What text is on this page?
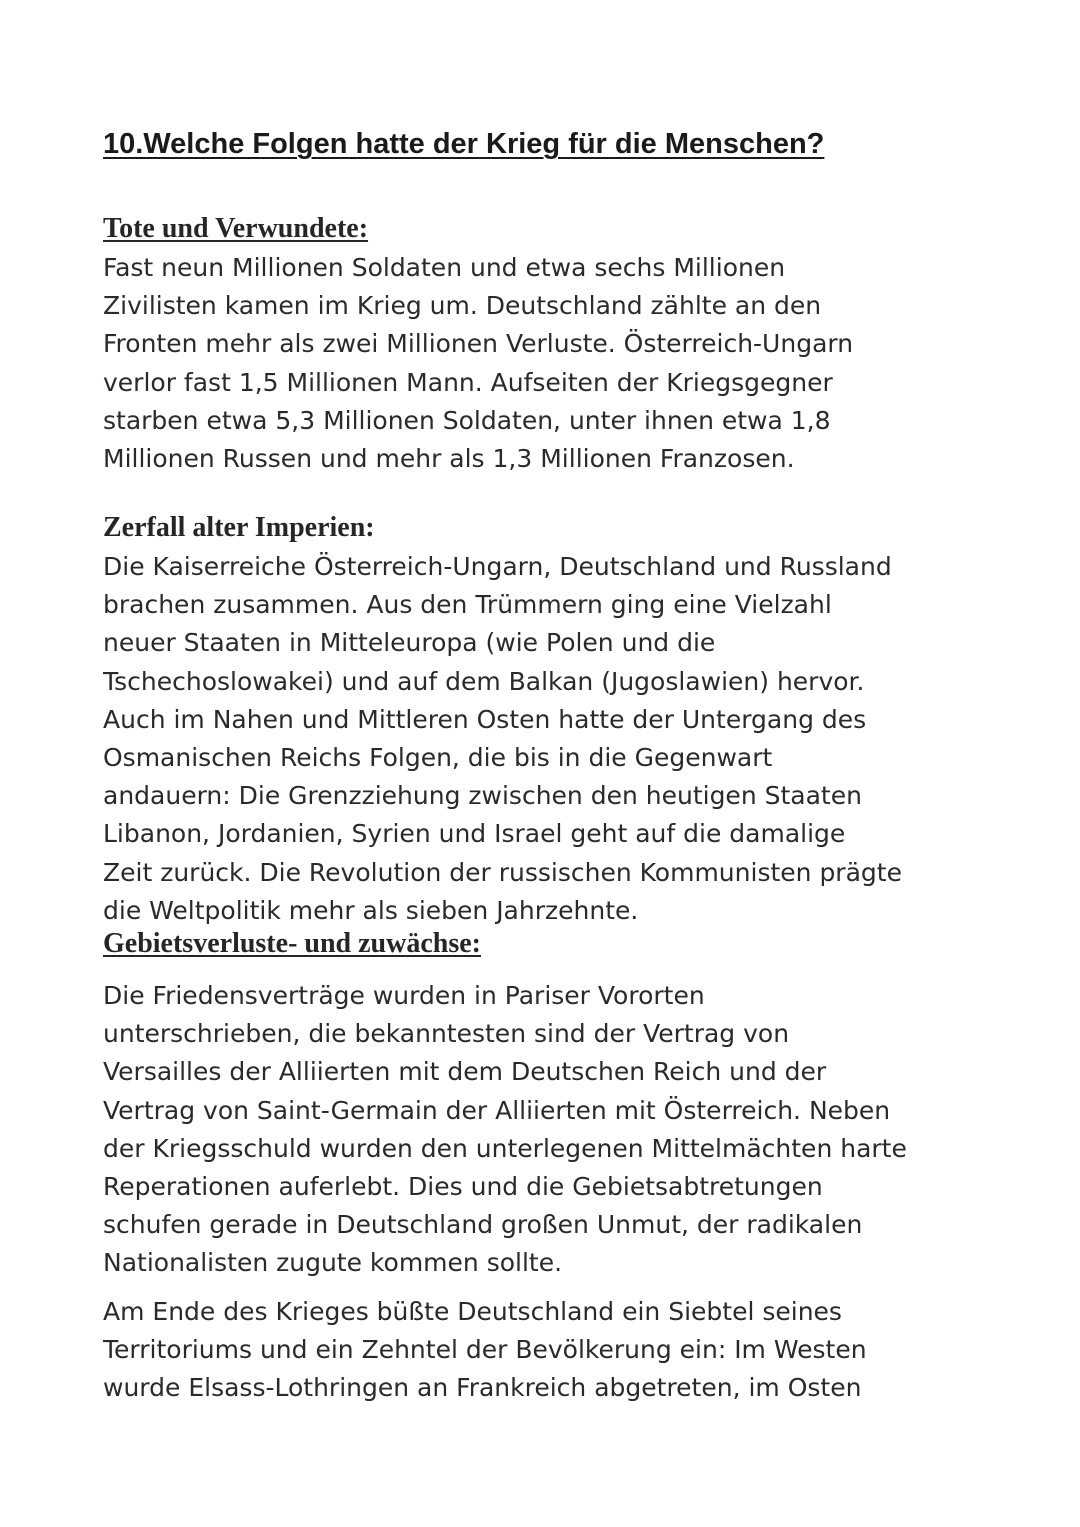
10.Welche Folgen hatte der Krieg für die Menschen?
Tote und Verwundete:

Fast neun Millionen Soldaten und etwa sechs Millionen
Zivilisten kamen im Krieg um. Deutschland zählte an den
Fronten mehr als zwei Millionen Verluste. Österreich-Ungarn
verlor fast 1,5 Millionen Mann. Aufseiten der Kriegsgegner
starben etwa 5,3 Millionen Soldaten, unter ihnen etwa 1,8
Millionen Russen und mehr als 1,3 Millionen Franzosen.

Zerfall alter Imperien:

Die Kaiserreiche Österreich-Ungarn, Deutschland und Russland
brachen zusammen. Aus den Trümmern ging eine Vielzahl
neuer Staaten in Mitteleuropa (wie Polen und die
Tschechoslowakei) und auf dem Balkan (Jugoslawien) hervor.
Auch im Nahen und Mittleren Osten hatte der Untergang des
Osmanischen Reichs Folgen, die bis in die Gegenwart
andauern: Die Grenzziehung zwischen den heutigen Staaten
Libanon, Jordanien, Syrien und Israel geht auf die damalige
Zeit zurück. Die Revolution der russischen Kommunisten prägte
die Weltpolitik mehr als sieben Jahrzehnte.

Gebietsverluste- und zuwächse:

Die Friedensverträge wurden in Pariser Vororten
unterschrieben, die bekanntesten sind der Vertrag von
Versailles der Alliierten mit dem Deutschen Reich und der
Vertrag von Saint-Germain der Alliierten mit Österreich. Neben
der Kriegsschuld wurden den unterlegenen Mittelmächten harte
Reperationen auferlebt. Dies und die Gebietsabtretungen
schufen gerade in Deutschland großen Unmut, der radikalen
Nationalisten zugute kommen sollte.

Am Ende des Krieges büßte Deutschland ein Siebtel seines
Territoriums und ein Zehntel der Bevölkerung ein: Im Westen
wurde Elsass-Lothringen an Frankreich abgetreten, im Osten
